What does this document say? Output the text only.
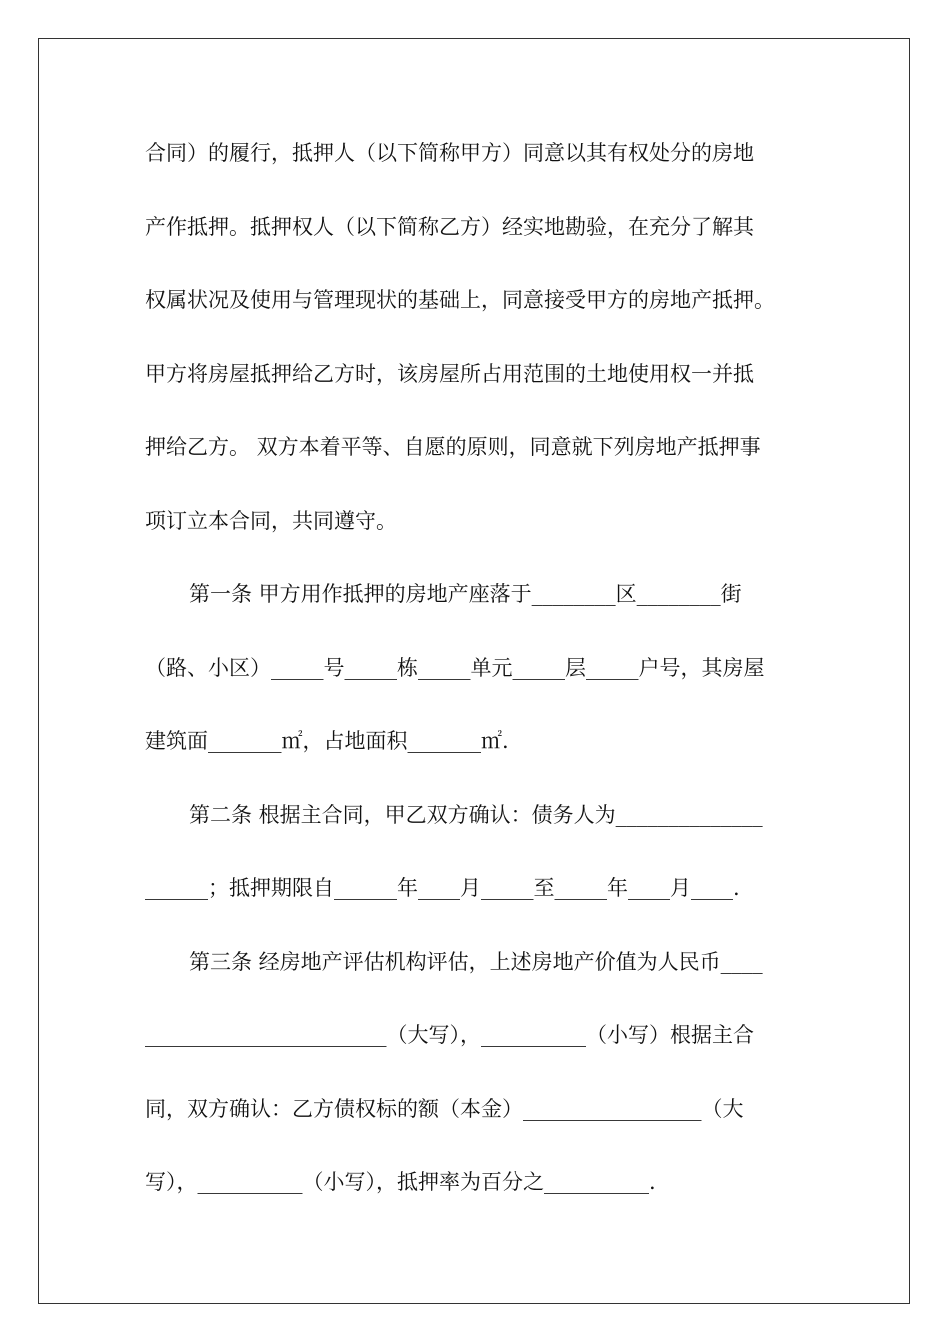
合同）的履行，抵押人（以下简称甲方）同意以其有权处分的房地
产作抵押。抵押权人（以下简称乙方）经实地勘验，在充分了解其
权属状况及使用与管理现状的基础上，同意接受甲方的房地产抵押。
甲方将房屋抵押给乙方时，该房屋所占用范围的土地使用权一并抵
押给乙方。 双方本着平等、自愿的原则，同意就下列房地产抵押事
项订立本合同，共同遵守。
第一条 甲方用作抵押的房地产座落于________区________街
（路、小区）_____号_____栋_____单元_____层_____户号，其房屋
建筑面_______㎡，占地面积_______㎡.
第二条 根据主合同，甲乙双方确认：债务人为______________
______；抵押期限自______年____月_____至_____年____月____.
第三条 经房地产评估机构评估，上述房地产价值为人民币____
_______________________（大写），__________（小写）根据主合
同，双方确认：乙方债权标的额（本金）_________________（大
写），__________（小写），抵押率为百分之__________.
